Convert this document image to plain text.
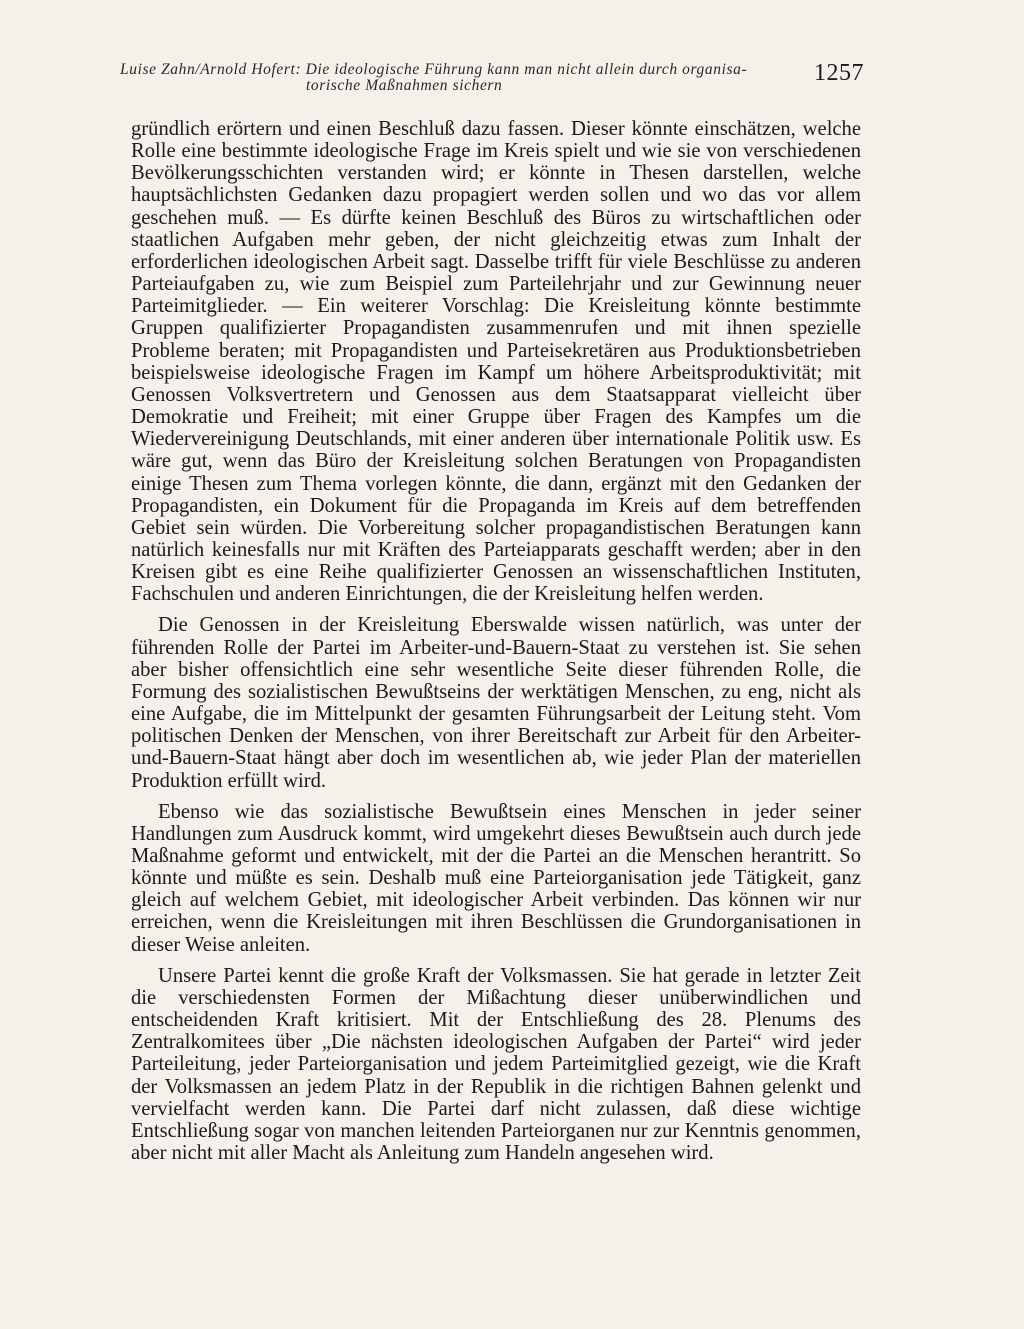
Luise Zahn/Arnold Hofert: Die ideologische Führung kann man nicht allein durch organisa-
torische Maßnahmen sichern	1257

gründlich erörtern und einen Beschluß dazu fassen. Dieser könnte einschätzen, welche Rolle eine bestimmte ideologische Frage im Kreis spielt und wie sie von verschiedenen Bevölkerungsschichten verstanden wird; er könnte in Thesen darstellen, welche hauptsächlichsten Gedanken dazu propagiert werden sollen und wo das vor allem geschehen muß. — Es dürfte keinen Beschluß des Büros zu wirtschaftlichen oder staatlichen Aufgaben mehr geben, der nicht gleichzeitig etwas zum Inhalt der erforderlichen ideologischen Arbeit sagt. Dasselbe trifft für viele Beschlüsse zu anderen Parteiaufgaben zu, wie zum Beispiel zum Parteilehrjahr und zur Gewinnung neuer Parteimitglieder. — Ein weiterer Vorschlag: Die Kreisleitung könnte bestimmte Gruppen qualifizierter Propagandisten zusammenrufen und mit ihnen spezielle Probleme beraten; mit Propagandisten und Parteisekretären aus Produktionsbetrieben beispielsweise ideologische Fragen im Kampf um höhere Arbeitsproduktivität; mit Genossen Volksvertretern und Genossen aus dem Staatsapparat vielleicht über Demokratie und Freiheit; mit einer Gruppe über Fragen des Kampfes um die Wiedervereinigung Deutschlands, mit einer anderen über internationale Politik usw. Es wäre gut, wenn das Büro der Kreisleitung solchen Beratungen von Propagandisten einige Thesen zum Thema vorlegen könnte, die dann, ergänzt mit den Gedanken der Propagandisten, ein Dokument für die Propaganda im Kreis auf dem betreffenden Gebiet sein würden. Die Vorbereitung solcher propagandistischen Beratungen kann natürlich keinesfalls nur mit Kräften des Parteiapparats geschafft werden; aber in den Kreisen gibt es eine Reihe qualifizierter Genossen an wissenschaftlichen Instituten, Fachschulen und anderen Einrichtungen, die der Kreisleitung helfen werden.

Die Genossen in der Kreisleitung Eberswalde wissen natürlich, was unter der führenden Rolle der Partei im Arbeiter-und-Bauern-Staat zu verstehen ist. Sie sehen aber bisher offensichtlich eine sehr wesentliche Seite dieser führenden Rolle, die Formung des sozialistischen Bewußtseins der werktätigen Menschen, zu eng, nicht als eine Aufgabe, die im Mittelpunkt der gesamten Führungsarbeit der Leitung steht. Vom politischen Denken der Menschen, von ihrer Bereitschaft zur Arbeit für den Arbeiter-und-Bauern-Staat hängt aber doch im wesentlichen ab, wie jeder Plan der materiellen Produktion erfüllt wird.

Ebenso wie das sozialistische Bewußtsein eines Menschen in jeder seiner Handlungen zum Ausdruck kommt, wird umgekehrt dieses Bewußtsein auch durch jede Maßnahme geformt und entwickelt, mit der die Partei an die Menschen herantritt. So könnte und müßte es sein. Deshalb muß eine Parteiorganisation jede Tätigkeit, ganz gleich auf welchem Gebiet, mit ideologischer Arbeit verbinden. Das können wir nur erreichen, wenn die Kreisleitungen mit ihren Beschlüssen die Grundorganisationen in dieser Weise anleiten.

Unsere Partei kennt die große Kraft der Volksmassen. Sie hat gerade in letzter Zeit die verschiedensten Formen der Mißachtung dieser unüberwindlichen und entscheidenden Kraft kritisiert. Mit der Entschließung des 28. Plenums des Zentralkomitees über „Die nächsten ideologischen Aufgaben der Partei“ wird jeder Parteileitung, jeder Parteiorganisation und jedem Parteimitglied gezeigt, wie die Kraft der Volksmassen an jedem Platz in der Republik in die richtigen Bahnen gelenkt und vervielfacht werden kann. Die Partei darf nicht zulassen, daß diese wichtige Entschließung sogar von manchen leitenden Parteiorganen nur zur Kenntnis genommen, aber nicht mit aller Macht als Anleitung zum Handeln angesehen wird.
